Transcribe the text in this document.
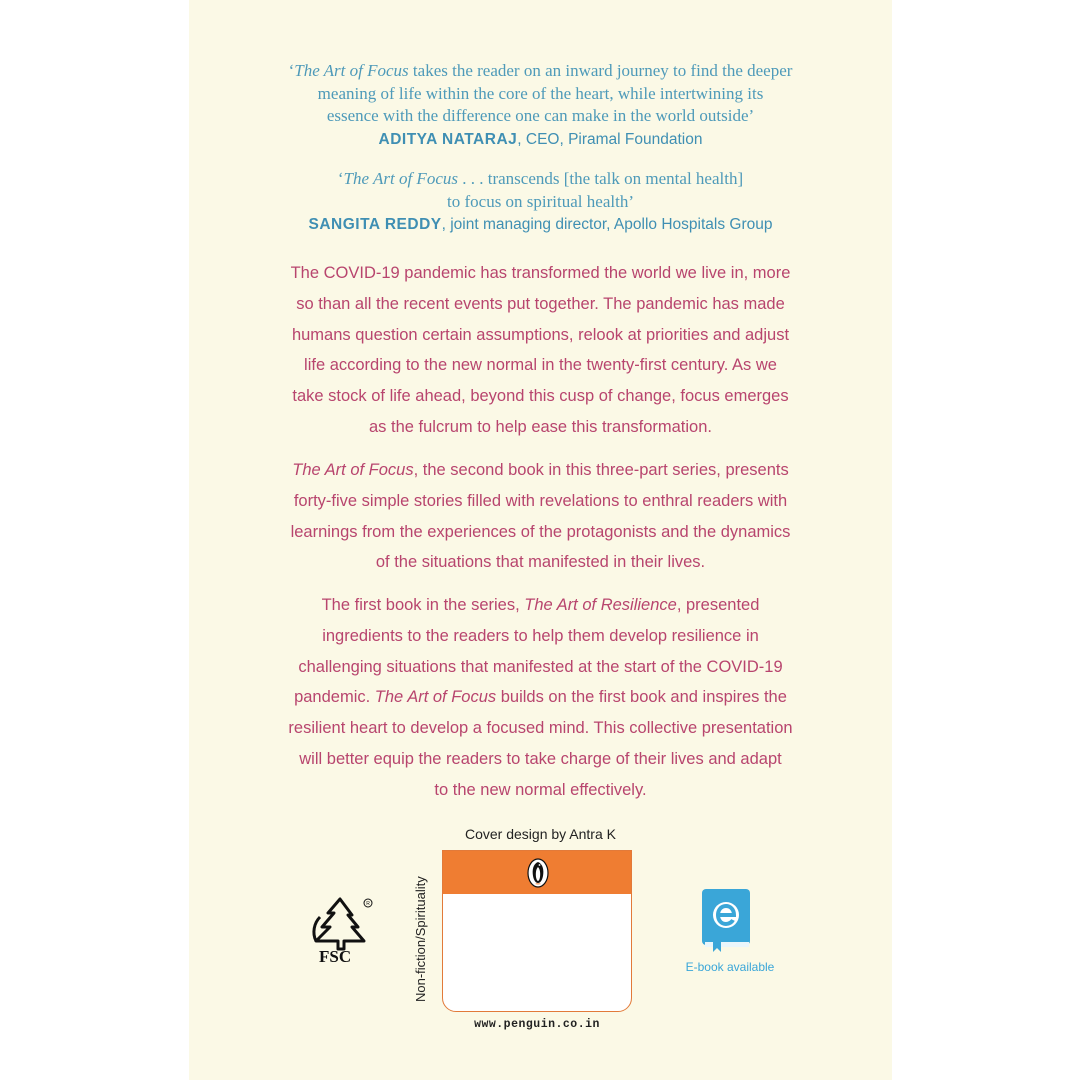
‘The Art of Focus takes the reader on an inward journey to find the deeper
meaning of life within the core of the heart, while intertwining its
essence with the difference one can make in the world outside’
ADITYA NATARAJ, CEO, Piramal Foundation
‘The Art of Focus . . . transcends [the talk on mental health]
to focus on spiritual health’
SANGITA REDDY, joint managing director, Apollo Hospitals Group
The COVID-19 pandemic has transformed the world we live in, more
so than all the recent events put together. The pandemic has made
humans question certain assumptions, relook at priorities and adjust
life according to the new normal in the twenty-first century. As we
take stock of life ahead, beyond this cusp of change, focus emerges
as the fulcrum to help ease this transformation.
The Art of Focus, the second book in this three-part series, presents
forty-five simple stories filled with revelations to enthral readers with
learnings from the experiences of the protagonists and the dynamics
of the situations that manifested in their lives.
The first book in the series, The Art of Resilience, presented
ingredients to the readers to help them develop resilience in
challenging situations that manifested at the start of the COVID-19
pandemic. The Art of Focus builds on the first book and inspires the
resilient heart to develop a focused mind. This collective presentation
will better equip the readers to take charge of their lives and adapt
to the new normal effectively.
Cover design by Antra K
Non-fiction/Spirituality
www.penguin.co.in
R
FSC
E-book available
